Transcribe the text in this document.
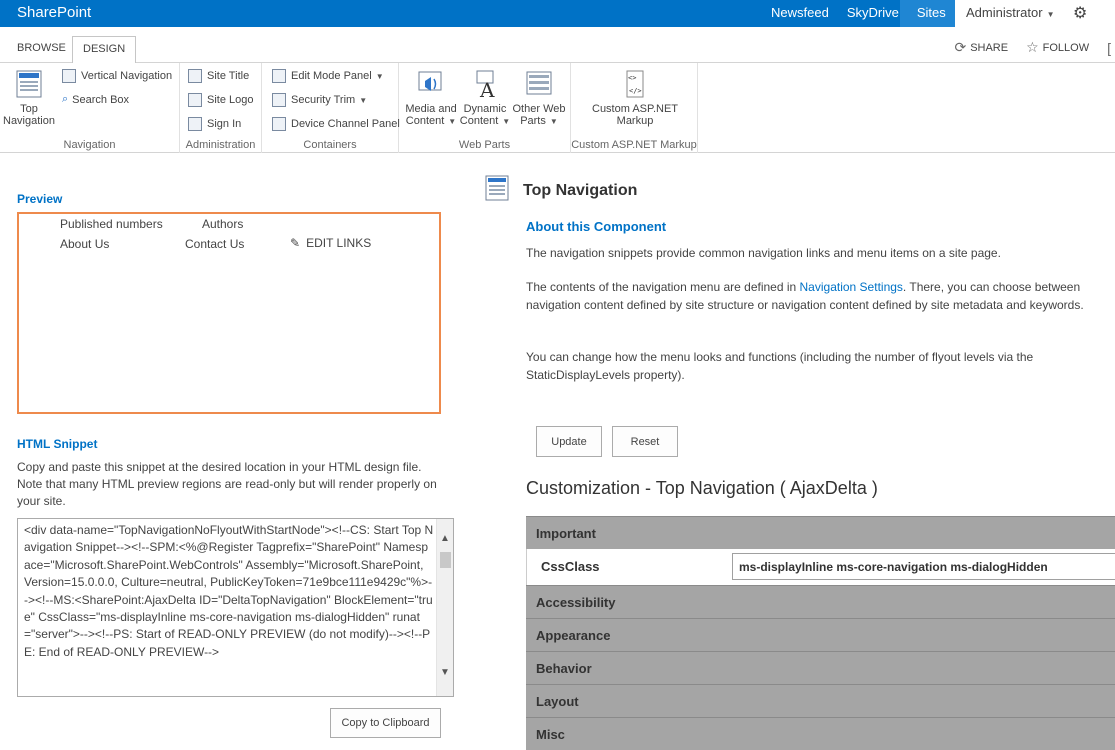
SharePoint	Newsfeed SkyDrive Sites Administrator ▼ ⚙
BROWSE	DESIGN	⟳ SHARE ☆ FOLLOW [
Top
Navigation
Vertical Navigation
⌕ Search Box
Navigation
Site Title
Site Logo
Sign In
Administration
Edit Mode Panel ▼
Security Trim ▼
Device Channel Panel
Containers
Media and
Content ▼
A
Dynamic
Content ▼
Other Web
Parts ▼
Web Parts
<>
</>
Custom ASP.NET
Markup
Custom ASP.NET Markup
Preview
Published numbers	Authors
About Us	Contact Us	✎ EDIT LINKS
HTML Snippet
Copy and paste this snippet at the desired location in your HTML design file. Note that many HTML preview regions are read-only but will render properly on your site.
<div data-name="TopNavigationNoFlyoutWithStartNode"><!--CS: Start Top Navigation Snippet--><!--SPM:<%@Register Tagprefix="SharePoint" Namespace="Microsoft.SharePoint.WebControls" Assembly="Microsoft.SharePoint, Version=15.0.0.0, Culture=neutral, PublicKeyToken=71e9bce111e9429c"%>--><!--MS:<SharePoint:AjaxDelta ID="DeltaTopNavigation" BlockElement="true" CssClass="ms-displayInline ms-core-navigation ms-dialogHidden" runat="server">--><!--PS: Start of READ-ONLY PREVIEW (do not modify)--><!--PE: End of READ-ONLY PREVIEW-->
▲
▼
Copy to Clipboard
Top Navigation
About this Component
The navigation snippets provide common navigation links and menu items on a site page.
The contents of the navigation menu are defined in Navigation Settings. There, you can choose between navigation content defined by site structure or navigation content defined by site metadata and keywords.
You can change how the menu looks and functions (including the number of flyout levels via the StaticDisplayLevels property).
Update	Reset
Customization - Top Navigation ( AjaxDelta )
Important
CssClass	ms-displayInline ms-core-navigation ms-dialogHidden
Accessibility
Appearance
Behavior
Layout
Misc
